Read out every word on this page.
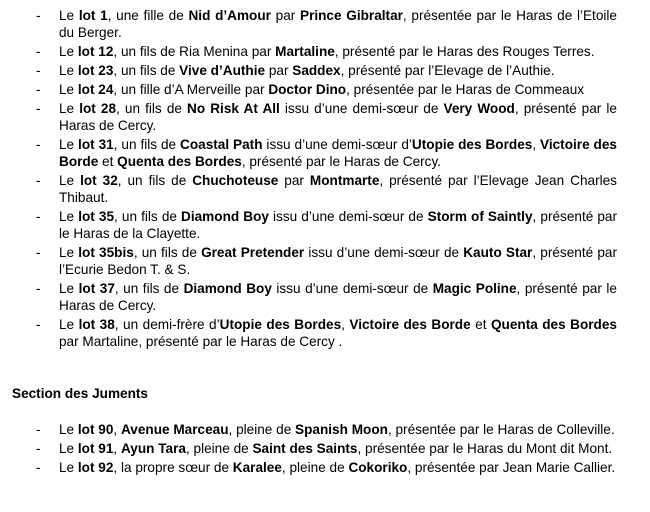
- Le lot 1, une fille de Nid d’Amour par Prince Gibraltar, présentée par le Haras de l’Etoile du Berger.
- Le lot 12, un fils de Ria Menina par Martaline, présenté par le Haras des Rouges Terres.
- Le lot 23, un fils de Vive d’Authie par Saddex, présenté par l’Elevage de l’Authie.
- Le lot 24, un fille d’A Merveille par Doctor Dino, présentée par le Haras de Commeaux
- Le lot 28, un fils de No Risk At All issu d’une demi-sœur de Very Wood, présenté par le Haras de Cercy.
- Le lot 31, un fils de Coastal Path issu d’une demi-sœur d’Utopie des Bordes, Victoire des Borde et Quenta des Bordes, présenté par le Haras de Cercy.
- Le lot 32, un fils de Chuchoteuse par Montmarte, présenté par l’Elevage Jean Charles Thibaut.
- Le lot 35, un fils de Diamond Boy issu d’une demi-sœur de Storm of Saintly, présenté par le Haras de la Clayette.
- Le lot 35bis, un fils de Great Pretender issu d’une demi-sœur de Kauto Star, présenté par l’Ecurie Bedon T. & S.
- Le lot 37, un fils de Diamond Boy issu d’une demi-sœur de Magic Poline, présenté par le Haras de Cercy.
- Le lot 38, un demi-frère d’Utopie des Bordes, Victoire des Borde et Quenta des Bordes par Martaline, présenté par le Haras de Cercy .
Section des Juments
- Le lot 90, Avenue Marceau, pleine de Spanish Moon, présentée par le Haras de Colleville.
- Le lot 91, Ayun Tara, pleine de Saint des Saints, présentée par le Haras du Mont dit Mont.
- Le lot 92, la propre sœur de Karalee, pleine de Cokoriko, présentée par Jean Marie Callier.
